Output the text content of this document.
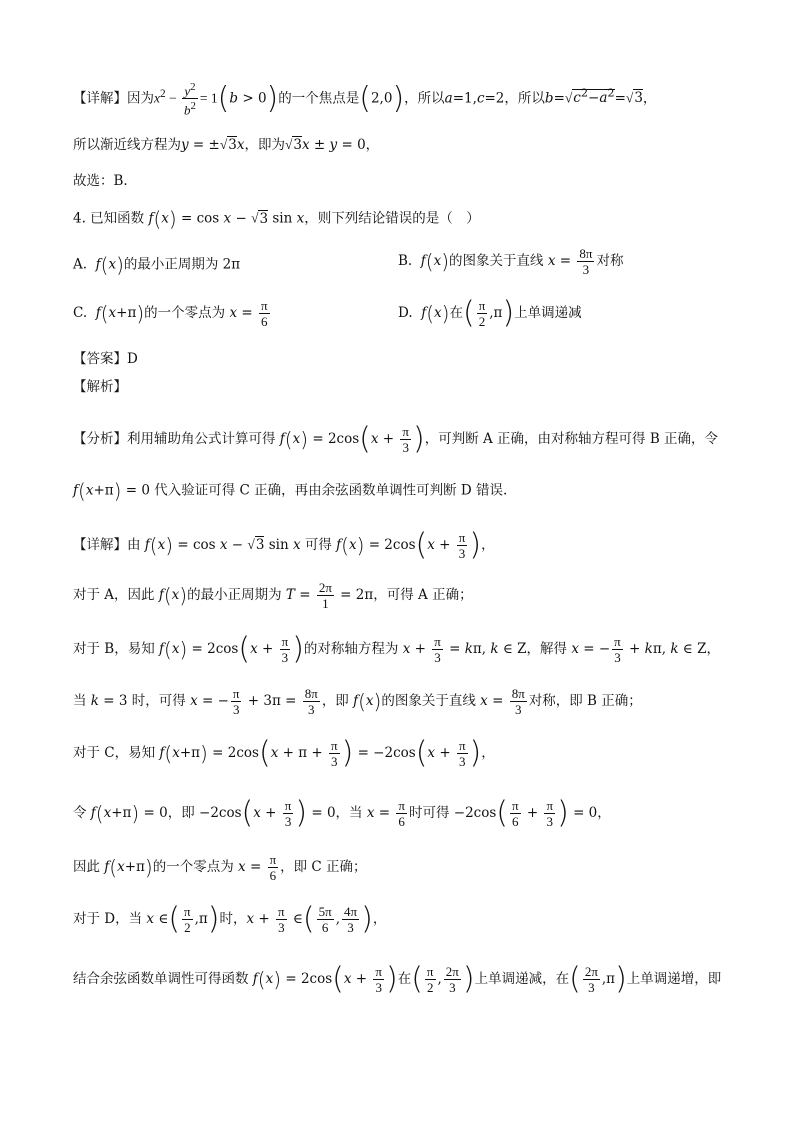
【详解】因为$x^2 - \frac{y^2}{b^2} = 1(b > 0)$的一个焦点是(2,0)，所以a=1,c=2，所以$b=√c^2-a^2=√3$，
所以渐近线方程为y = ±√3x，即为√3x ± y = 0，
故选：B.
4. 已知函数 f(x) = cos x − √3 sin x，则下列结论错误的是（　）
A.  f(x)的最小正周期为 2π	B.  f(x)的图象关于直线 $x = \frac{8\pi}{3}$ 对称
C.  f(x+π)的一个零点为 $x = \frac{\pi}{6}$	D.  f(x)在( $\frac{\pi}{2} ,\pi$)上单调递减
【答案】D
【解析】
【分析】利用辅助角公式计算可得 $f(x) = 2\cos(x + \frac{\pi}{3}$ )，可判断 A 正确，由对称轴方程可得 B 正确，令
f(x+π) = 0 代入验证可得 C 正确，再由余弦函数单调性可判断 D 错误.
【详解】由 f(x) = cos x − √3 sin x 可得 $f(x) = 2\cos(x + \frac{\pi}{3}$ )，
对于 A，因此 f(x)的最小正周期为 $T = \frac{2\pi}{1} = 2\pi$，可得 A 正确；
对于 B，易知 $f(x) = 2\cos(x + \frac{\pi}{3}$ )的对称轴方程为 $x + \frac{\pi}{3} = k\pi$, k ∈ Z，解得 x = − $\frac{\pi}{3} + k\pi$, k ∈ Z，
当 k = 3 时，可得 x = − $\frac{\pi}{3} + 3\pi = \frac{8\pi}{3}$ ，即 f(x)的图象关于直线 $x = \frac{8\pi}{3}$ 对称，即 B 正确；
对于 C，易知 $f(x+\pi) = 2\cos(x + \pi + \frac{\pi}{3}$ ) = $-2\cos(x + \frac{\pi}{3}$ )，
令 f(x+π) = 0，即 $-2\cos(x + \frac{\pi}{3}$ ) = 0，当 $x = \frac{\pi}{6}$ 时可得 $-2\cos( \frac{\pi}{6} + \frac{\pi}{3}$ ) = 0，
因此 f(x+π)的一个零点为 $x = \frac{\pi}{6}$ ，即 C 正确；
对于 D，当 x ∈( $\frac{\pi}{2} ,\pi$)时，$x + \frac{\pi}{3}$ ∈( $\frac{5\pi}{6}$ , $\frac{4\pi}{3}$ )，
结合余弦函数单调性可得函数 $f(x) = 2\cos(x + \frac{\pi}{3}$ )在( $\frac{\pi}{2}$ , $\frac{2\pi}{3}$ )上单调递减，在( $\frac{2\pi}{3} ,\pi$)上单调递增，即
